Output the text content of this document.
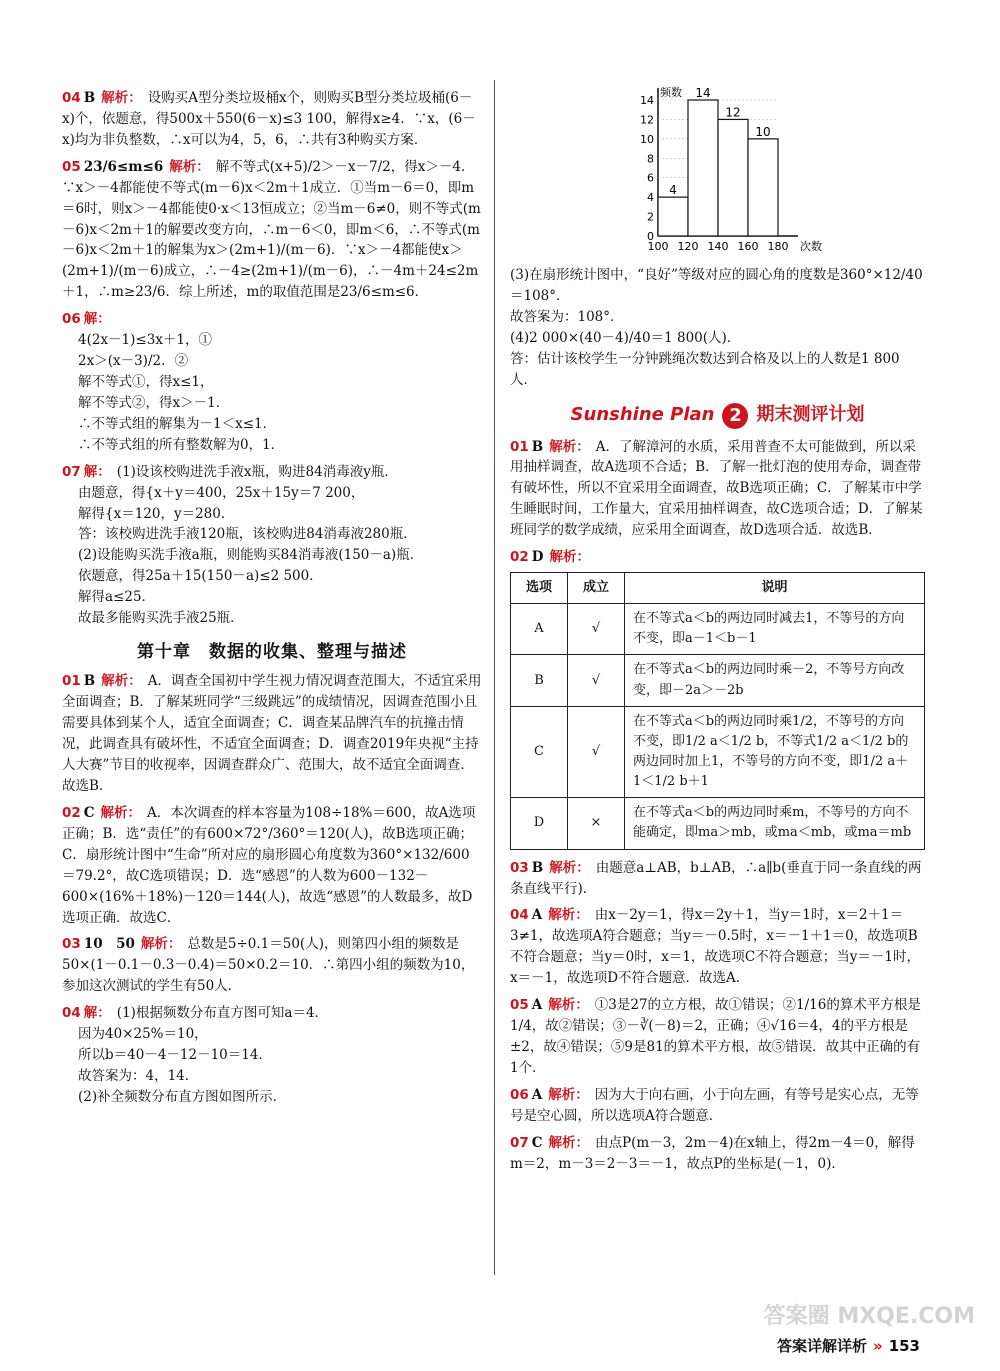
04 B 解析： 设购买A型分类垃圾桶x个，则购买B型分类垃圾桶(6－x)个，依题意，得500x＋550(6－x)≤3 100，解得x≥4．∵x，(6－x)均为非负整数，∴x可以为4，5，6，∴共有3种购买方案．
05 23/6≤m≤6 解析： 解不等式(x+5)/2＞－x－7/2，得x＞－4．∵x＞－4都能使不等式(m－6)x＜2m＋1成立．①当m－6＝0，即m＝6时，则x＞－4都能使0·x＜13恒成立；②当m－6≠0，则不等式(m－6)x＜2m＋1的解要改变方向，∴m－6＜0，即m＜6，∴不等式(m－6)x＜2m＋1的解集为x＞(2m+1)/(m－6)．∵x＞－4都能使x＞(2m+1)/(m－6)成立，∴－4≥(2m+1)/(m－6)，∴－4m＋24≤2m＋1，∴m≥23/6．综上所述，m的取值范围是23/6≤m≤6．
06 解：
4(2x－1)≤3x＋1，①
2x＞(x－3)/2．②
解不等式①，得x≤1，
解不等式②，得x＞－1．
∴不等式组的解集为－1＜x≤1．
∴不等式组的所有整数解为0，1．
07 解： (1)设该校购进洗手液x瓶，购进84消毒液y瓶．
由题意，得{x＋y＝400，25x＋15y＝7 200，
解得{x＝120，y＝280．
答：该校购进洗手液120瓶，该校购进84消毒液280瓶．
(2)设能购买洗手液a瓶，则能购买84消毒液(150－a)瓶．
依题意，得25a＋15(150－a)≤2 500．
解得a≤25．
故最多能购买洗手液25瓶．
第十章　数据的收集、整理与描述
01 B 解析： A．调查全国初中学生视力情况调查范围大，不适宜采用全面调查；B．了解某班同学“三级跳远”的成绩情况，因调查范围小且需要具体到某个人，适宜全面调查；C．调查某品牌汽车的抗撞击情况，此调查具有破坏性，不适宜全面调查；D．调查2019年央视“主持人大赛”节目的收视率，因调查群众广、范围大，故不适宜全面调查．故选B．
02 C 解析： A．本次调查的样本容量为108÷18%＝600，故A选项正确；B．选“责任”的有600×72°/360°＝120(人)，故B选项正确；C．扇形统计图中“生命”所对应的扇形圆心角度数为360°×132/600＝79.2°，故C选项错误；D．选“感恩”的人数为600－132－600×(16%＋18%)－120＝144(人)，故选“感恩”的人数最多，故D选项正确．故选C．
03 10　50 解析： 总数是5÷0.1＝50(人)，则第四小组的频数是50×(1－0.1－0.3－0.4)＝50×0.2＝10．∴第四小组的频数为10，参加这次测试的学生有50人．
04 解： (1)根据频数分布直方图可知a＝4．
因为40×25%＝10，
所以b＝40－4－12－10＝14．
故答案为：4，14．
(2)补全频数分布直方图如图所示．
0
2
4
6
8
10
12
14
4
14
12
10
100 120 140 160 180 次数
频数
(3)在扇形统计图中，“良好”等级对应的圆心角的度数是360°×12/40＝108°．
故答案为：108°．
(4)2 000×(40－4)/40＝1 800(人)．
答：估计该校学生一分钟跳绳次数达到合格及以上的人数是1 800人．
Sunshine Plan 2 期末测评计划
01 B 解析： A．了解漳河的水质，采用普查不太可能做到，所以采用抽样调查，故A选项不合适；B．了解一批灯泡的使用寿命，调查带有破坏性，所以不宜采用全面调查，故B选项正确；C．了解某市中学生睡眠时间，工作量大，宜采用抽样调查，故C选项合适；D．了解某班同学的数学成绩，应采用全面调查，故D选项合适．故选B．
02 D 解析：
选项	成立	说明
A	√	在不等式a＜b的两边同时减去1，不等号的方向不变，即a－1＜b－1
B	√	在不等式a＜b的两边同时乘－2，不等号方向改变，即－2a＞－2b
C	√	在不等式a＜b的两边同时乘1/2，不等号的方向不变，即1/2 a＜1/2 b，不等式1/2 a＜1/2 b的两边同时加上1，不等号的方向不变，即1/2 a＋1＜1/2 b＋1
D	×	在不等式a＜b的两边同时乘m，不等号的方向不能确定，即ma＞mb，或ma＜mb，或ma＝mb
03 B 解析： 由题意a⊥AB，b⊥AB，∴a∥b(垂直于同一条直线的两条直线平行)．
04 A 解析： 由x－2y＝1，得x＝2y＋1，当y＝1时，x＝2＋1＝3≠1，故选项A符合题意；当y＝－0.5时，x＝－1＋1＝0，故选项B不符合题意；当y＝0时，x＝1，故选项C不符合题意；当y＝－1时，x＝－1，故选项D不符合题意．故选A．
05 A 解析： ①3是27的立方根，故①错误；②1/16的算术平方根是1/4，故②错误；③－∛(－8)＝2，正确；④√16＝4，4的平方根是±2，故④错误；⑤9是81的算术平方根，故⑤错误．故其中正确的有1个．
06 A 解析： 因为大于向右画，小于向左画，有等号是实心点，无等号是空心圆，所以选项A符合题意．
07 C 解析： 由点P(m－3，2m－4)在x轴上，得2m－4＝0，解得m＝2，m－3＝2－3＝－1，故点P的坐标是(－1，0)．
答案详解详析 » 153
答案圈 MXQE.COM
